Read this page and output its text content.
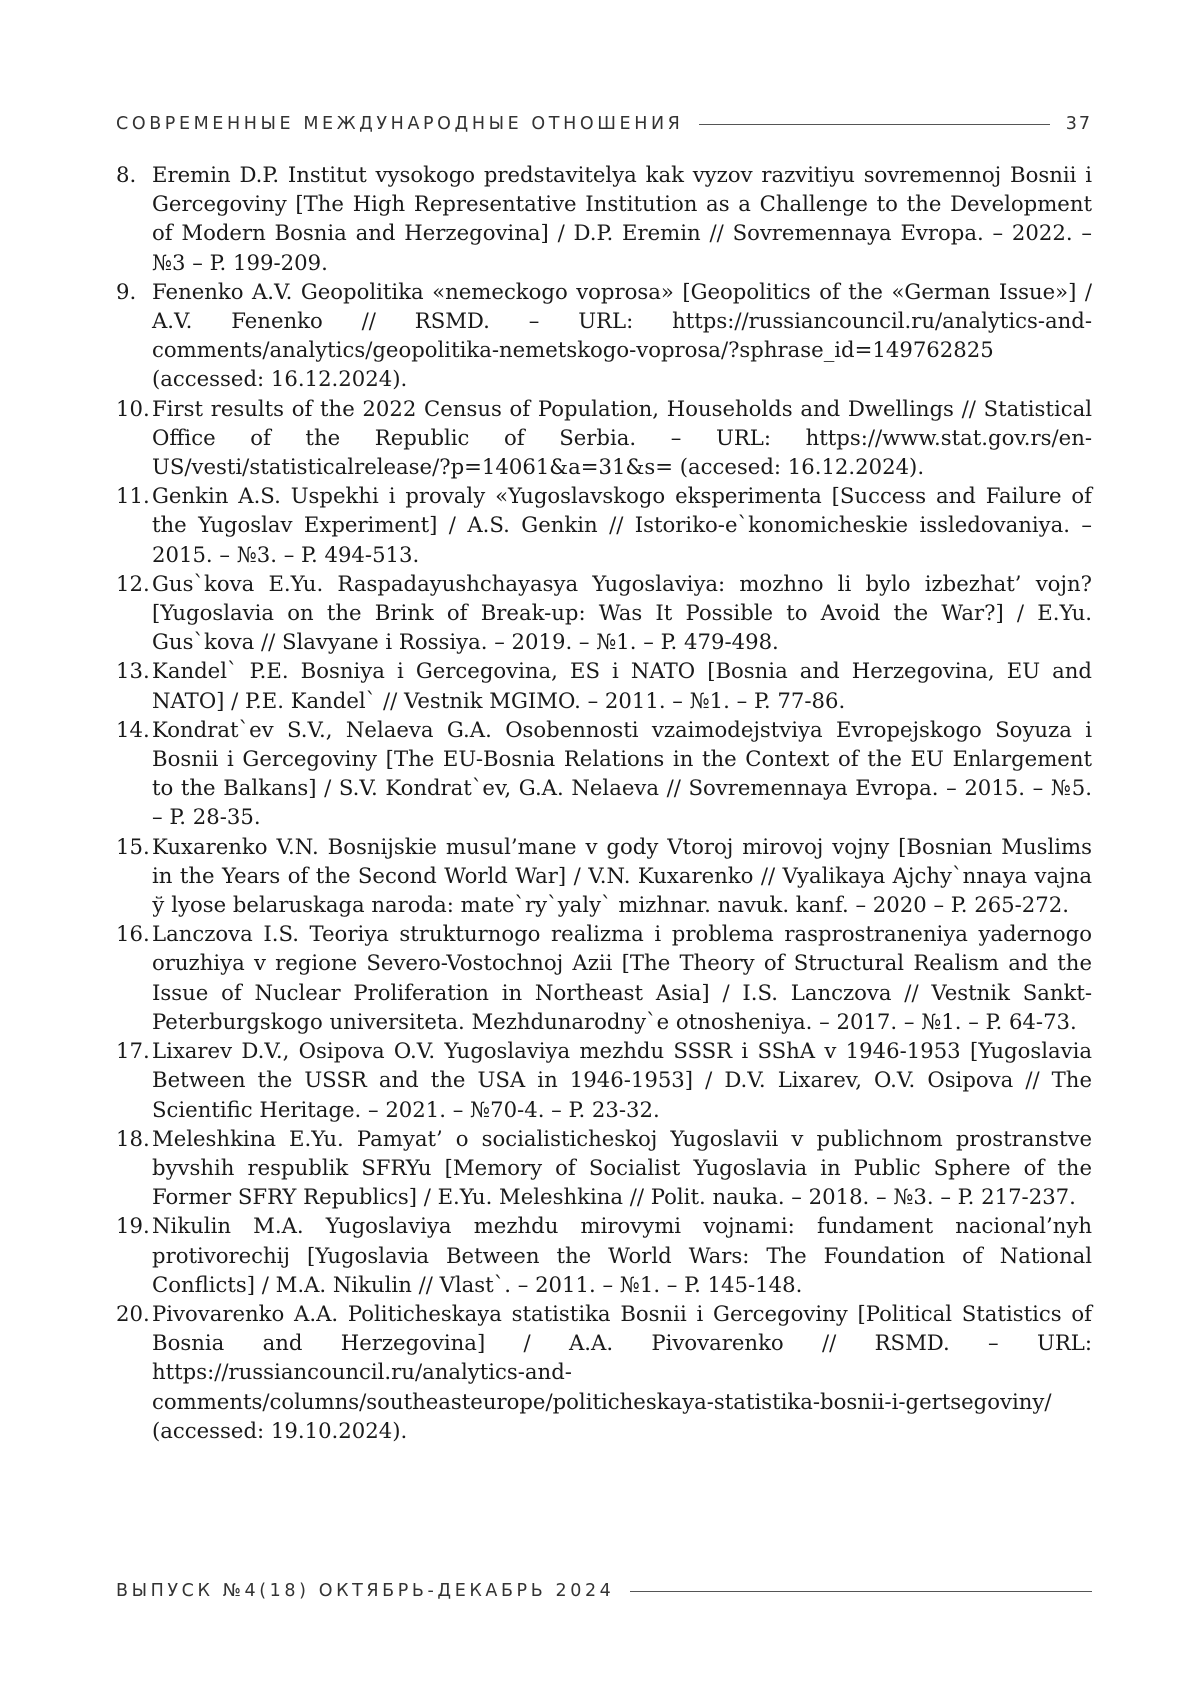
СОВРЕМЕННЫЕ МЕЖДУНАРОДНЫЕ ОТНОШЕНИЯ	37
8. Eremin D.P. Institut vysokogo predstavitelya kak vyzov razvitiyu sovremennoj Bosnii i Gercegoviny [The High Representative Institution as a Challenge to the Development of Modern Bosnia and Herzegovina] / D.P. Eremin // Sovremennaya Evropa. – 2022. – №3 – P. 199-209.
9. Fenenko A.V. Geopolitika «nemeckogo voprosa» [Geopolitics of the «German Issue»] / A.V. Fenenko // RSMD. – URL: https://russiancouncil.ru/analytics-and-comments/analytics/geopolitika-nemetskogo-voprosa/?sphrase_id=149762825 (accessed: 16.12.2024).
10. First results of the 2022 Census of Population, Households and Dwellings // Statistical Office of the Republic of Serbia. – URL: https://www.stat.gov.rs/en-US/vesti/statisticalrelease/?p=14061&a=31&s= (accesed: 16.12.2024).
11. Genkin A.S. Uspekhi i provaly «Yugoslavskogo eksperimenta [Success and Failure of the Yugoslav Experiment] / A.S. Genkin // Istoriko-e`konomicheskie issledovaniya. – 2015. – №3. – P. 494-513.
12. Gus`kova E.Yu. Raspadayushchayasya Yugoslaviya: mozhno li bylo izbezhat’ vojn? [Yugoslavia on the Brink of Break-up: Was It Possible to Avoid the War?] / E.Yu. Gus`kova // Slavyane i Rossiya. – 2019. – №1. – P. 479-498.
13. Kandel` P.E. Bosniya i Gercegovina, ES i NATO [Bosnia and Herzegovina, EU and NATO] / P.E. Kandel` // Vestnik MGIMO. – 2011. – №1. – P. 77-86.
14. Kondrat`ev S.V., Nelaeva G.A. Osobennosti vzaimodejstviya Evropejskogo Soyuza i Bosnii i Gercegoviny [The EU-Bosnia Relations in the Context of the EU Enlargement to the Balkans] / S.V. Kondrat`ev, G.A. Nelaeva // Sovremennaya Evropa. – 2015. – №5. – P. 28-35.
15. Kuxarenko V.N. Bosnijskie musul’mane v gody Vtoroj mirovoj vojny [Bosnian Muslims in the Years of the Second World War] / V.N. Kuxarenko // Vyalikaya Ajchy`nnaya vajna ў lyose belaruskaga naroda: mate`ry`yaly` mizhnar. navuk. kanf. – 2020 – P. 265-272.
16. Lanczova I.S. Teoriya strukturnogo realizma i problema rasprostraneniya yadernogo oruzhiya v regione Severo-Vostochnoj Azii [The Theory of Structural Realism and the Issue of Nuclear Proliferation in Northeast Asia] / I.S. Lanczova // Vestnik Sankt-Peterburgskogo universiteta. Mezhdunarodny`e otnosheniya. – 2017. – №1. – P. 64-73.
17. Lixarev D.V., Osipova O.V. Yugoslaviya mezhdu SSSR i SShA v 1946-1953 [Yugoslavia Between the USSR and the USA in 1946-1953] / D.V. Lixarev, O.V. Osipova // The Scientific Heritage. – 2021. – №70-4. – P. 23-32.
18. Meleshkina E.Yu. Pamyat’ o socialisticheskoj Yugoslavii v publichnom prostranstve byvshih respublik SFRYu [Memory of Socialist Yugoslavia in Public Sphere of the Former SFRY Republics] / E.Yu. Meleshkina // Polit. nauka. – 2018. – №3. – P. 217-237.
19. Nikulin M.A. Yugoslaviya mezhdu mirovymi vojnami: fundament nacional’nyh protivorechij [Yugoslavia Between the World Wars: The Foundation of National Conflicts] / M.A. Nikulin // Vlast`. – 2011. – №1. – P. 145-148.
20. Pivovarenko A.A. Politicheskaya statistika Bosnii i Gercegoviny [Political Statistics of Bosnia and Herzegovina] / A.A. Pivovarenko // RSMD. – URL: https://russiancouncil.ru/analytics-and-comments/columns/southeasteurope/politicheskaya-statistika-bosnii-i-gertsegoviny/ (accessed: 19.10.2024).
ВЫПУСК №4(18) ОКТЯБРЬ-ДЕКАБРЬ 2024
